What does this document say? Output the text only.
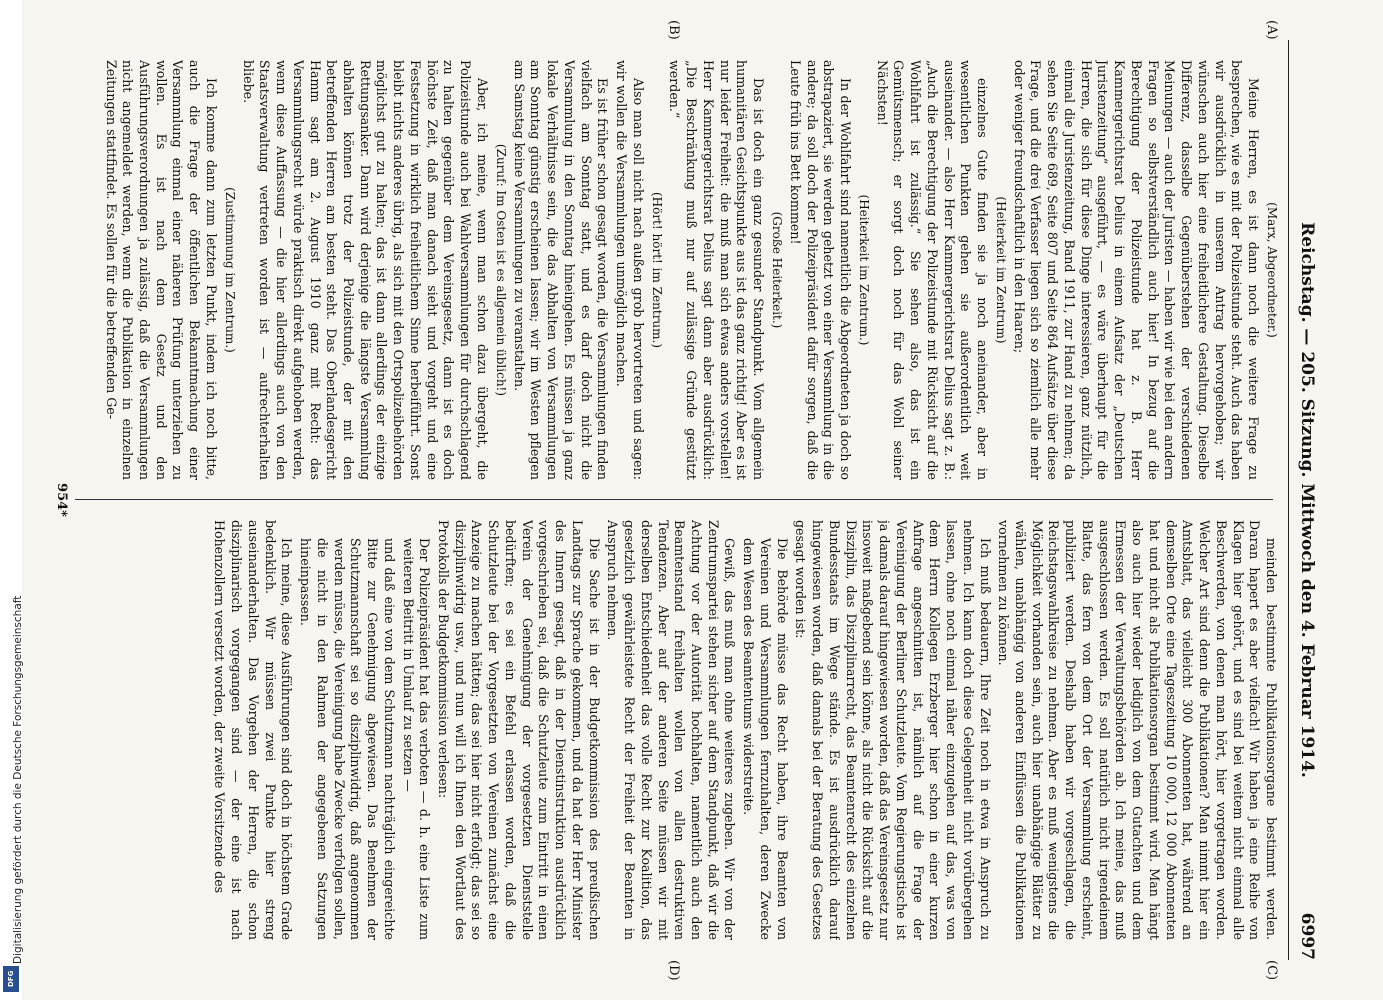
Reichstag. — 205. Sitzung. Mittwoch den 4. Februar 1914.
6997
(A)
(B)
(C)
(D)

(Marx, Abgeordneter.)

Meine Herren, es ist dann noch die weitere Frage zu besprechen, wie es mit der Polizeistunde steht. Auch das haben wir ausdrücklich in unserem Antrag hervorgehoben; wir wünschen auch hier eine freiheitlichere Gestaltung. Dieselbe Differenz, dasselbe Gegenüberstehen der verschiedenen Meinungen — auch der Juristen — haben wir wie bei den andern Fragen so selbstverständlich auch hier! In bezug auf die Berechtigung der Polizeistunde hat z. B. Herr Kammergerichtsrat Delius in einem Aufsatz der „Deutschen Juristenzeitung“ ausgeführt, — es wäre überhaupt für die Herren, die sich für diese Dinge interessieren, ganz nützlich, einmal die Juristenzeitung, Band 1911, zur Hand zu nehmen; da sehen Sie Seite 689, Seite 807 und Seite 864 Aufsätze über diese Frage, und die drei Verfasser liegen sich so ziemlich alle mehr oder weniger freundschaftlich in den Haaren;

(Heiterkeit im Zentrum)

einzelnes Gute finden sie ja noch aneinander, aber in wesentlichen Punkten gehen sie außerordentlich weit auseinander. — also Herr Kammergerichtsrat Delius sagt z. B.: „Auch die Berechtigung der Polizeistunde mit Rücksicht auf die Wohlfahrt ist zulässig.“ Sie sehen also, das ist ein Gemütsmensch; er sorgt doch noch für das Wohl seiner Nächsten!

(Heiterkeit im Zentrum.)

In der Wohlfahrt sind namentlich die Abgeordneten ja doch so abstrapaziert, sie werden gehetzt von einer Versammlung in die andere; da soll doch der Polizeipräsident dafür sorgen, daß die Leute früh ins Bett kommen!

(Große Heiterkeit.)

Das ist doch ein ganz gesunder Standpunkt. Vom allgemein humanitären Gesichtspunkte aus ist das ganz richtig! Aber es ist nur leider Freiheit: die muß man sich etwas anders vorstellen! Herr Kammergerichtsrat Delius sagt dann aber ausdrücklich: „Die Beschränkung muß nur auf zulässige Gründe gestützt werden.“

(Hört! hört! im Zentrum.)

Also man soll nicht nach außen grob hervortreten und sagen: wir wollen die Versammlungen unmöglich machen.

Es ist früher schon gesagt worden, die Versammlungen finden vielfach am Sonntag statt, und es darf doch nicht die Versammlung in den Sonntag hineingehen. Es müssen ja ganz lokale Verhältnisse sein, die das Abhalten von Versammlungen am Sonntag günstig erscheinen lassen; wir im Westen pflegen am Samstag keine Versammlungen zu veranstalten.

(Zuruf: Im Osten ist es allgemein üblich!)

Aber, ich meine, wenn man schon dazu übergeht, die Polizeistunde auch bei Wahlversammlungen für durchschlagend zu halten gegenüber dem Vereinsgesetz, dann ist es doch höchste Zeit, daß man danach sieht und vorgeht und eine Festsetzung in wirklich freiheitlichem Sinne herbeiführt. Sonst bleibt nichts anderes übrig, als sich mit den Ortspolizeibehörden möglichst gut zu halten; das ist dann allerdings der einzige Rettungsanker. Dann wird derjenige die längste Versammlung abhalten können trotz der Polizeistunde, der mit den betreffenden Herren am besten steht. Das Oberlandesgericht Hamm sagt am 2. August 1910 ganz mit Recht: das Versammlungsrecht würde praktisch direkt aufgehoben werden, wenn diese Auffassung — die hier allerdings auch von den Staatsverwaltung vertreten worden ist — aufrechterhalten bliebe.

(Zustimmung im Zentrum.)

Ich komme dann zum letzten Punkt, indem ich noch bitte, auch die Frage der öffentlichen Bekanntmachung einer Versammlung einmal einer näheren Prüfung unterziehen zu wollen. Es ist nach dem Gesetz und den Ausführungsverordnungen ja zulässig, daß die Versammlungen nicht angemeldet werden, wenn die Publikation in einzelnen Zeitungen stattfindet. Es sollen für die betreffenden Ge-

meinden bestimmte Publikationsorgane bestimmt werden. Daran hapert es aber vielfach! Wir haben ja eine Reihe von Klagen hier gehört, und es sind bei weitem nicht einmal alle Beschwerden, von denen man hört, hier vorgetragen worden. Welcher Art sind denn die Publikationen? Man nimmt hier ein Amtsblatt, das vielleicht 300 Abonnenten hat, während an demselben Orte eine Tageszeitung 10 000, 12 000 Abonnenten hat und nicht als Publikationsorgan bestimmt wird. Man hängt also auch hier wieder lediglich von dem Gutachten und dem Ermessen der Verwaltungsbehörden ab. Ich meine, das muß ausgeschlossen werden. Es soll natürlich nicht irgendeinem Blatte, das fern von dem Ort der Versammlung erscheint, publiziert werden. Deshalb haben wir vorgeschlagen, die Reichstagswahlkreise zu nehmen. Aber es muß wenigstens die Möglichkeit vorhanden sein, auch hier unabhängige Blätter zu wählen, unabhängig von anderen Einflüssen die Publikationen vornehmen zu können.

Ich muß bedauern, Ihre Zeit noch in etwa in Anspruch zu nehmen. Ich kann doch diese Gelegenheit nicht vorübergehen lassen, ohne noch einmal näher einzugehen auf das, was von dem Herrn Kollegen Erzberger hier schon in einer kurzen Anfrage angeschnitten ist, nämlich auf die Frage der Vereinigung der Berliner Schutzleute. Vom Regierungstische ist ja damals darauf hingewiesen worden, daß das Vereinsgesetz nur insoweit maßgebend sein könne, als nicht die Rücksicht auf die Disziplin, das Disziplinarrecht, das Beamtenrecht des einzelnen Bundesstaats im Wege stände. Es ist ausdrücklich darauf hingewiesen worden, daß damals bei der Beratung des Gesetzes gesagt worden ist:

Die Behörde müsse das Recht haben, ihre Beamten von Vereinen und Versammlungen fernzuhalten, deren Zwecke dem Wesen des Beamtentums widerstreite.

Gewiß, das muß man ohne weiteres zugeben. Wir von der Zentrumspartei stehen sicher auf dem Standpunkt, daß wir die Achtung vor der Autorität hochhalten, namentlich auch den Beamtenstand freihalten wollen von allen destruktiven Tendenzen. Aber auf der anderen Seite müssen wir mit derselben Entschiedenheit das volle Recht zur Koalition, das gesetzlich gewährleistete Recht der Freiheit der Beamten in Anspruch nehmen.

Die Sache ist in der Budgetkommission des preußischen Landtags zur Sprache gekommen, und da hat der Herr Minister des Innern gesagt, daß in der Dienstinstruktion ausdrücklich vorgeschrieben sei, daß die Schutzleute zum Eintritt in einen Verein der Genehmigung der vorgesetzten Dienststelle bedürften; es sei ein Befehl erlassen worden, daß die Schutzleute bei der Vorgesetzten von Vereinen zunächst eine Anzeige zu machen hätten; das sei hier nicht erfolgt; das sei so disziplinwidrig usw., und nun will ich Ihnen den Wortlaut des Protokolls der Budgetkommission verlesen:

Der Polizeipräsident hat das verboten — d. h. eine Liste zum weiteren Beitritt in Umlauf zu setzen —

und daß eine von dem Schutzmann nachträglich eingereichte Bitte zur Genehmigung abgewiesen. Das Benehmen der Schutzmannschaft sei so disziplinwidrig, daß angenommen werden müsse, die Vereinigung habe Zwecke verfolgen sollen, die nicht in den Rahmen der angegebenen Satzungen hineinpassen.

Ich meine, diese Ausführungen sind doch in höchstem Grade bedenklich. Wir müssen zwei Punkte hier streng auseinanderhalten. Das Vorgehen der Herren, die schon disziplinarisch vorgegangen sind — der eine ist nach Hohenzollern versetzt worden, der zweite Vorsitzende des

954*
Digitalisierung gefördert durch die Deutsche Forschungsgemeinschaft
DFG
